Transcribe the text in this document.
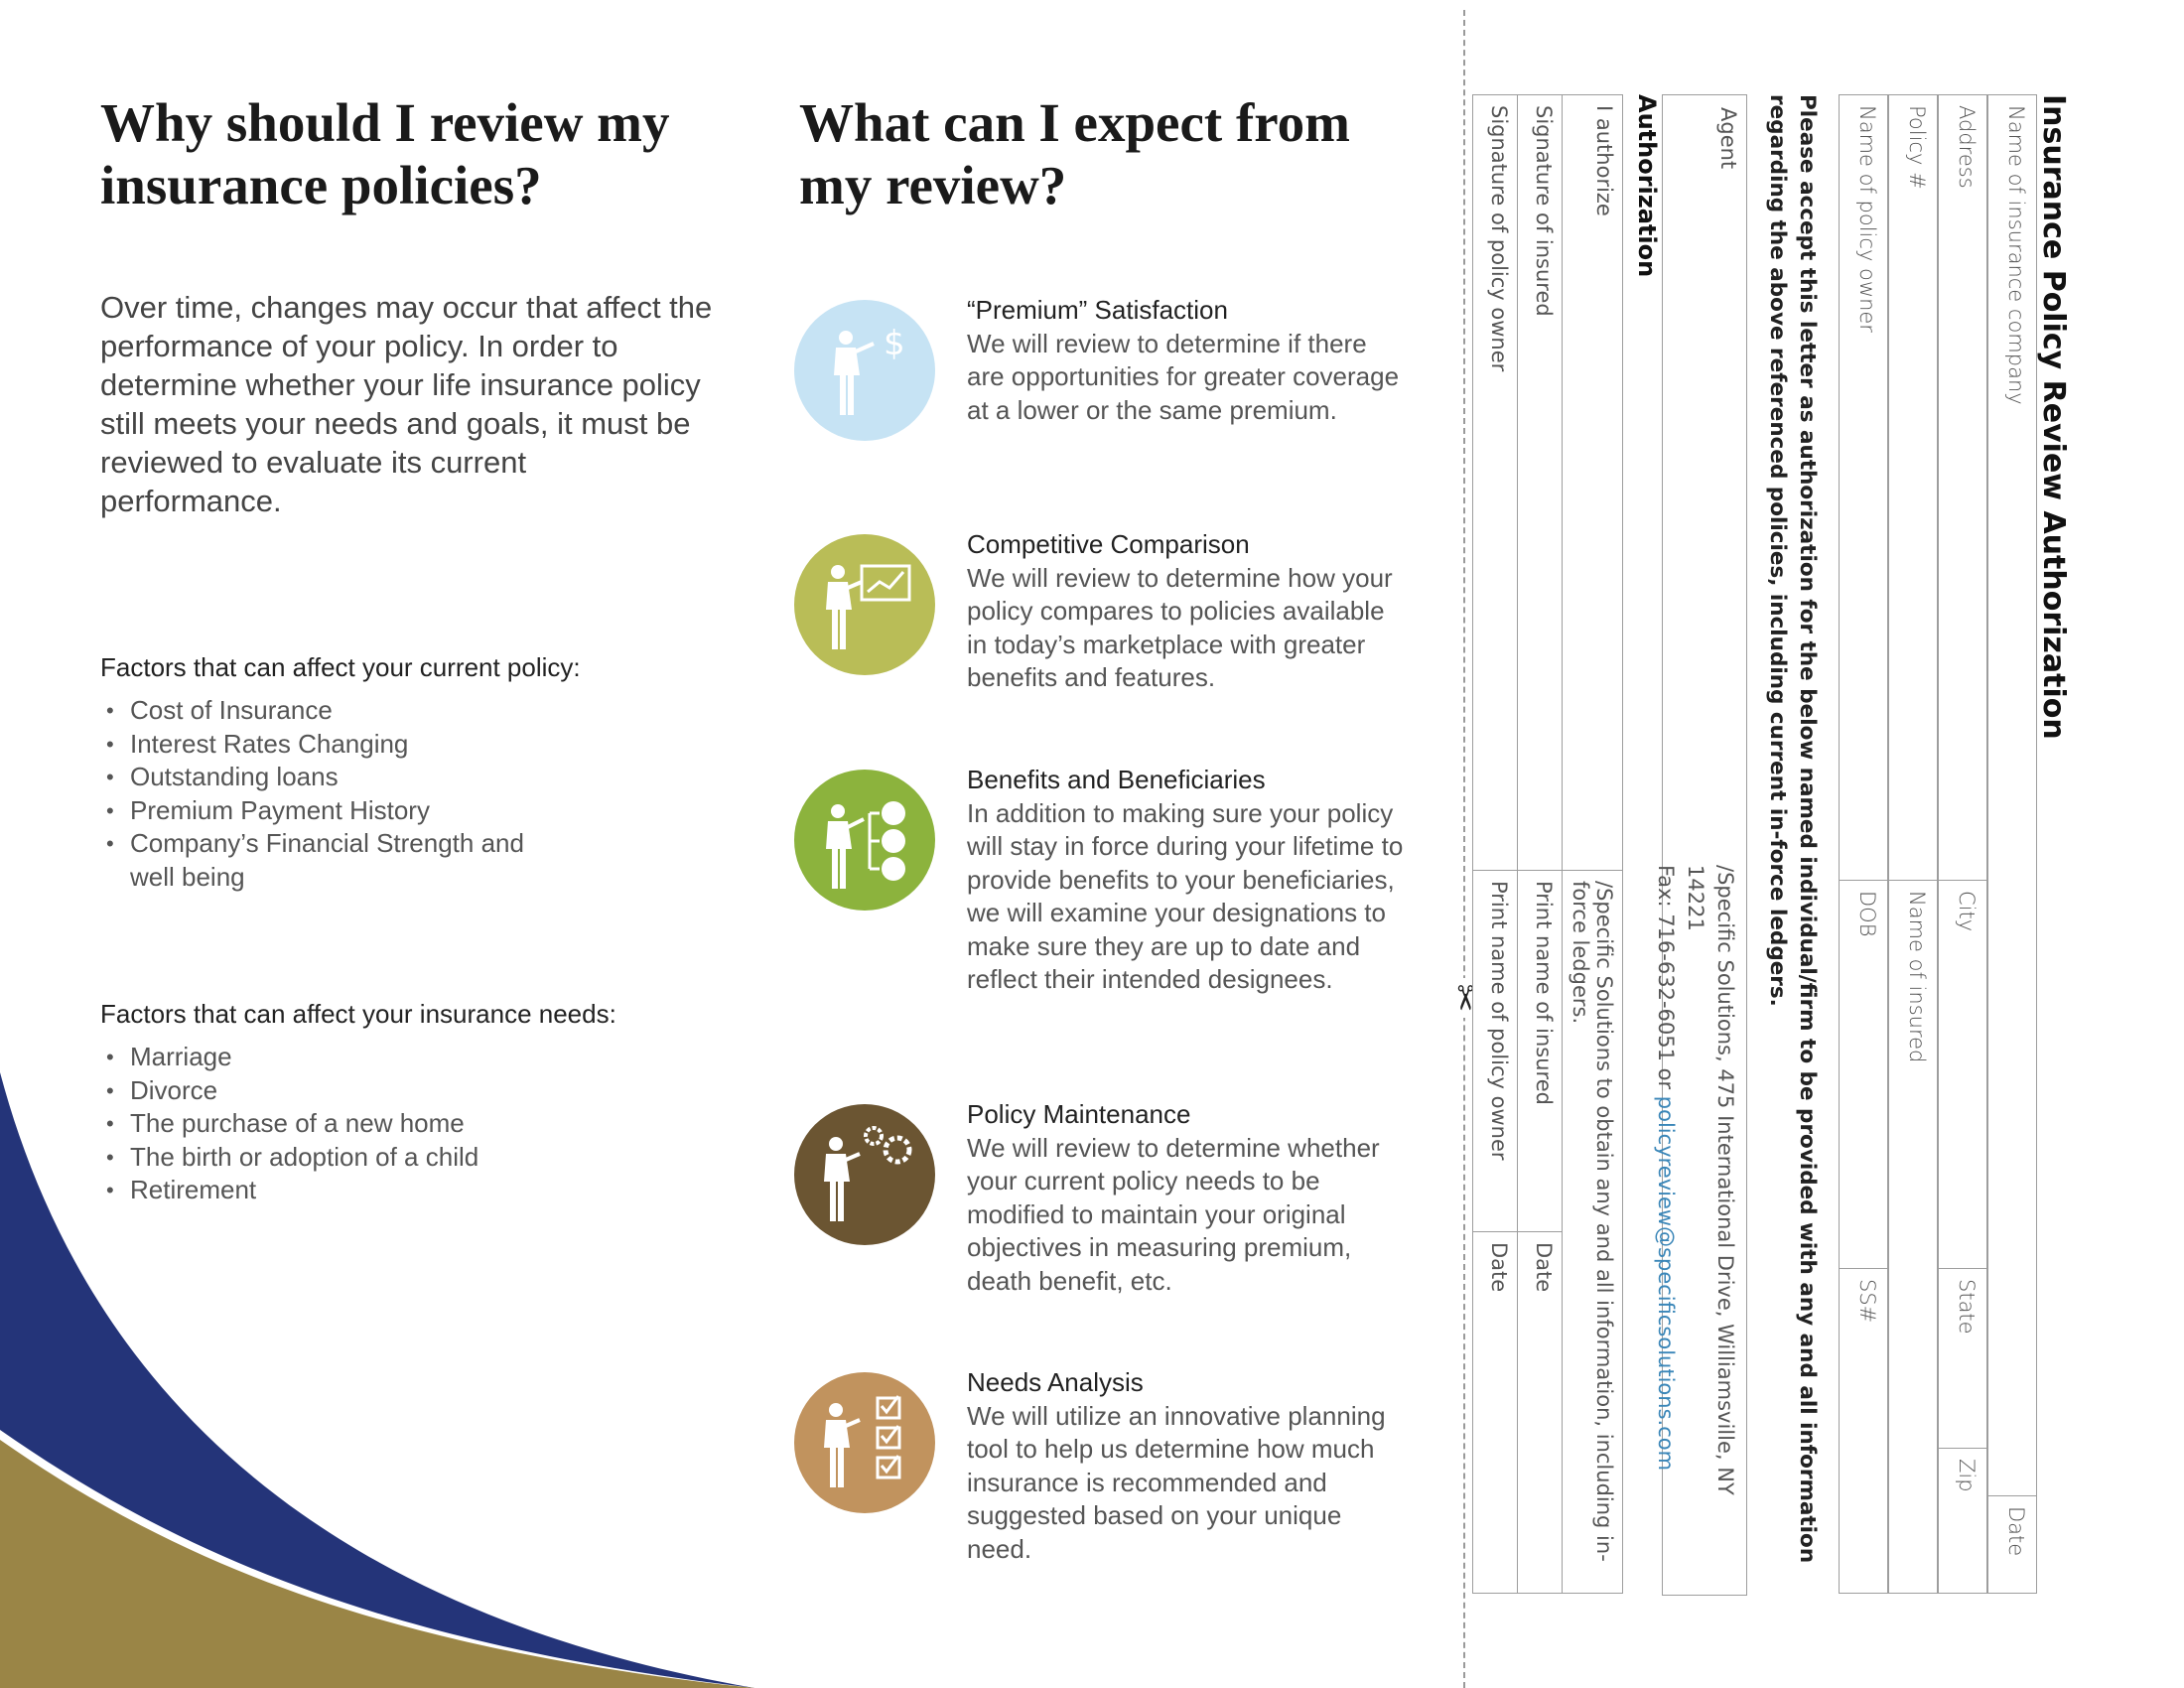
Why should I review my insurance policies?

Over time, changes may occur that affect the performance of your policy. In order to determine whether your life insurance policy still meets your needs and goals, it must be reviewed to evaluate its current performance.

Factors that can affect your current policy:

• Cost of Insurance
• Interest Rates Changing
• Outstanding loans
• Premium Payment History
• Company’s Financial Strength and well being

Factors that can affect your insurance needs:

• Marriage
• Divorce
• The purchase of a new home
• The birth or adoption of a child
• Retirement
What can I expect from my review?
$
“Premium” Satisfaction
We will review to determine if there are opportunities for greater coverage at a lower or the same premium.
Competitive Comparison
We will review to determine how your policy compares to policies available in today’s marketplace with greater benefits and features.
Benefits and Beneficiaries
In addition to making sure your policy will stay in force during your lifetime to provide benefits to your beneficiaries, we will examine your designations to make sure they are up to date and reflect their intended designees.
Policy Maintenance
We will review to determine whether your current policy needs to be modified to maintain your original objectives in measuring premium, death benefit, etc.
Needs Analysis
We will utilize an innovative planning tool to help us determine how much insurance is recommended and suggested based on your unique need.
✂
Insurance Policy Review Authorization
Name of insurance company	Date
Address	City	State	Zip
Policy #	Name of insured
Name of policy owner	DOB	SS#
Please accept this letter as authorization for the below named individual/firm to be provided with any and all information regarding the above referenced policies, including current in-force ledgers.
Agent
/Specific Solutions, 475 International Drive, Williamsville, NY 14221
Fax: 716-632-6051 or policyreview@specificsolutions.com
Authorization
I authorize	/Specific Solutions to obtain any and all information, including in-force ledgers.	
Signature of insured	Print name of insured	Date
Signature of policy owner	Print name of policy owner	Date
